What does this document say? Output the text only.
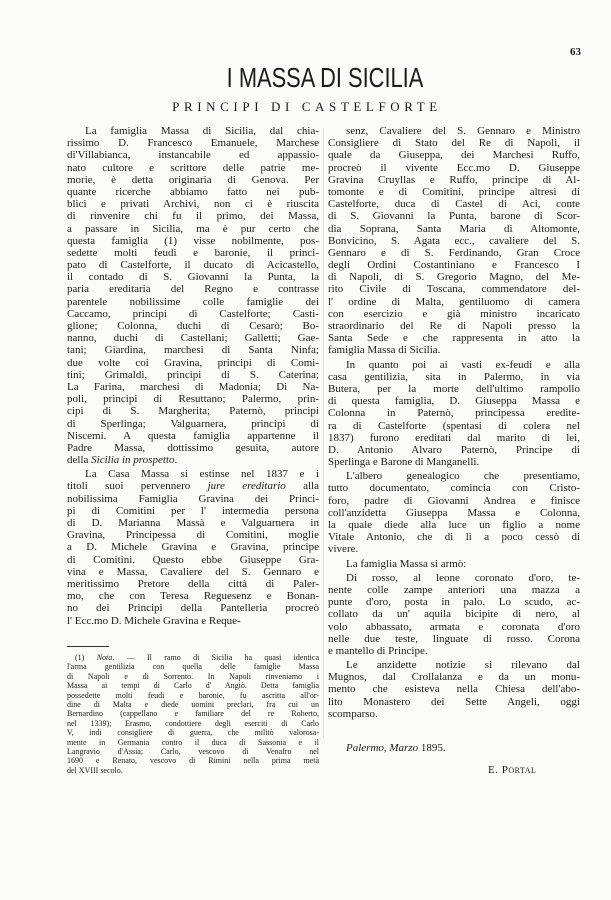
63
I MASSA DI SICILIA
PRINCIPI DI CASTELFORTE
La famiglia Massa di Sicilia, dal chia-
rissimo D. Francesco Emanuele, Marchese
di'Villabianca, instancabile ed appassio-
nato cultore e scrittore delle patrie me-
morie, è detta originaria di Genova. Per
quante ricerche abbiamo fatto nei pub-
blici e privati Archivi, non ci è riuscita
di rinvenire chi fu il primo, dei Massa,
a passare in Sicilia, ma è pur certo che
questa famiglia (1) visse nobilmente, pos-
sedette molti feudi e baronie, il princi-
pato di Castelforte, il ducato di Acicastello,
il contado di S. Giovanni la Punta, la
paria ereditaria del Regno e contrasse
parentele nobilissime colle famiglie dei
Caccamo, principi di Castelforte; Casti-
glione; Colonna, duchi di Cesarò; Bo-
nanno, duchi di Castellani; Galletti; Gae-
tani; Giardina, marchesi di Santa Ninfa;
due volte coi Gravina, principi di Comi-
tini; Grimaldi, principi di S. Caterina;
La Farina, marchesi di Madonia; Di Na-
poli, principi di Resuttano; Palermo, prin-
cipi di S. Margherita; Paternò, principi
di Sperlinga; Valguarnera, principi di
Niscemi. A questa famiglia appartenne il
Padre Massa, dottissimo gesuita, autore
della Sicilia in prospetto.
La Casa Massa si estinse nel 1837 e i
titoli suoi pervennero jure ereditario alla
nobilissima Famiglia Gravina dei Princi-
pi di Comitini per l' intermedia persona
di D. Marianna Massà e Valguarnera in
Gravina, Principessa di Comitini, moglie
a D. Michele Gravina e Gravina, principe
di Comitini. Questo ebbe Giuseppe Gra-
vina e Massa, Cavaliere del S. Gennaro e
meritissimo Pretore della città di Paler-
mo, che con Teresa Reguesenz e Bonan-
no dei Principi della Pantelleria procreò
l' Ecc.mo D. Michele Gravina e Reque-
senz, Cavaliere del S. Gennaro e Ministro
Consigliere di Stato del Re di Napoli, il
quale da Giuseppa, dei Marchesi Ruffo,
procreò il vivente Ecc.mo D. Giuseppe
Gravina Cruyllas e Ruffo, principe di Al-
tomonte e di Comitini, principe altresì di
Castelforte, duca di Castel di Aci, conte
di S. Giovanni la Punta, barone di Scor-
dia Soprana, Santa Maria di Altomonte,
Bonvicino, S. Agata ecc., cavaliere del S.
Gennaro e di S. Ferdinando, Gran Croce
degli Ordini Costantiniano e Francesco I
di Napoli, di S. Gregorio Magno, del Me-
rito Civile di Toscana, commendatore del-
l' ordine di Malta, gentiluomo di camera
con esercizio e già ministro incaricato
straordinario del Re di Napoli presso la
Santa Sede e che rappresenta in atto la
famiglia Massa di Sicilia.
In quanto poi ai vasti ex-feudi e alla
casa gentilizia, sita in Palermo, in via
Butera, per la morte dell'ultimo rampollo
di questa famiglia, D. Giuseppa Massa e
Colonna in Paternò, principessa eredite-
ra di Castelforte (spentasi di colera nel
1837) furono ereditati dal marito di lei,
D. Antonio Alvaro Paternò, Principe di
Sperlinga e Barone di Manganelli.
L'albero genealogico che presentiamo,
tutto documentato, comincia con Cristo-
foro, padre di Giovanni Andrea e finisce
coll'anzidetta Giuseppa Massa e Colonna,
la quale diede alla luce un figlio a nome
Vitale Antonio, che di lì a poco cessò di
vivere.
La famiglia Massa si armò:
Di rosso, al leone coronato d'oro, te-
nente colle zampe anteriori una mazza a
punte d'oro, posta in palo. Lo scudo, ac-
collato da un' aquila bicipite di nero, al
volo abbassato, armata e coronata d'oro
nelle due teste, linguate di rosso. Corona
e mantello di Principe.
Le anzidette notizie si rilevano dal
Mugnos, dal Crollalanza e da un monu-
mento che esisteva nella Chiesa dell'abo-
lito Monastero dei Sette Angeli, oggi
scomparso.
(1) Nota. — Il ramo di Sicilia ha quasi identica
l'arma gentilizia con quella delle famiglie Massa
di Napoli e di Sorrento. In Napoli rinveniamo i
Massa ai tempi di Carlo d' Angiò. Detta famiglia
possedette molti feudi e baronie, fu ascritta all'or-
dine di Malta e diede uomini preclari, fra cui un
Bernardino (cappellano e familiare del re Roberto,
nel 1339); Erasmo, condottiere degli eserciti di Carlo
V, indi consigliere di guerra, che militò valorosa-
mente in Germania contro il duca di Sassonia e il
Langravio d'Assia; Carlo, vescovo di Venafro nel
1690 e Renato, vescovo di Rimini nella prima metà
del XVIII secolo.
Palermo, Marzo 1895.
E. Portal
